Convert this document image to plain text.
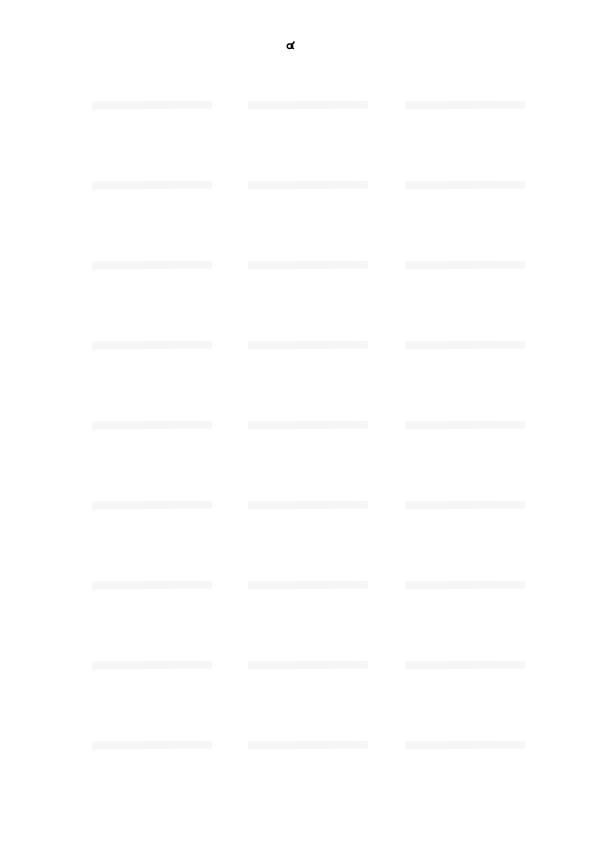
๔
